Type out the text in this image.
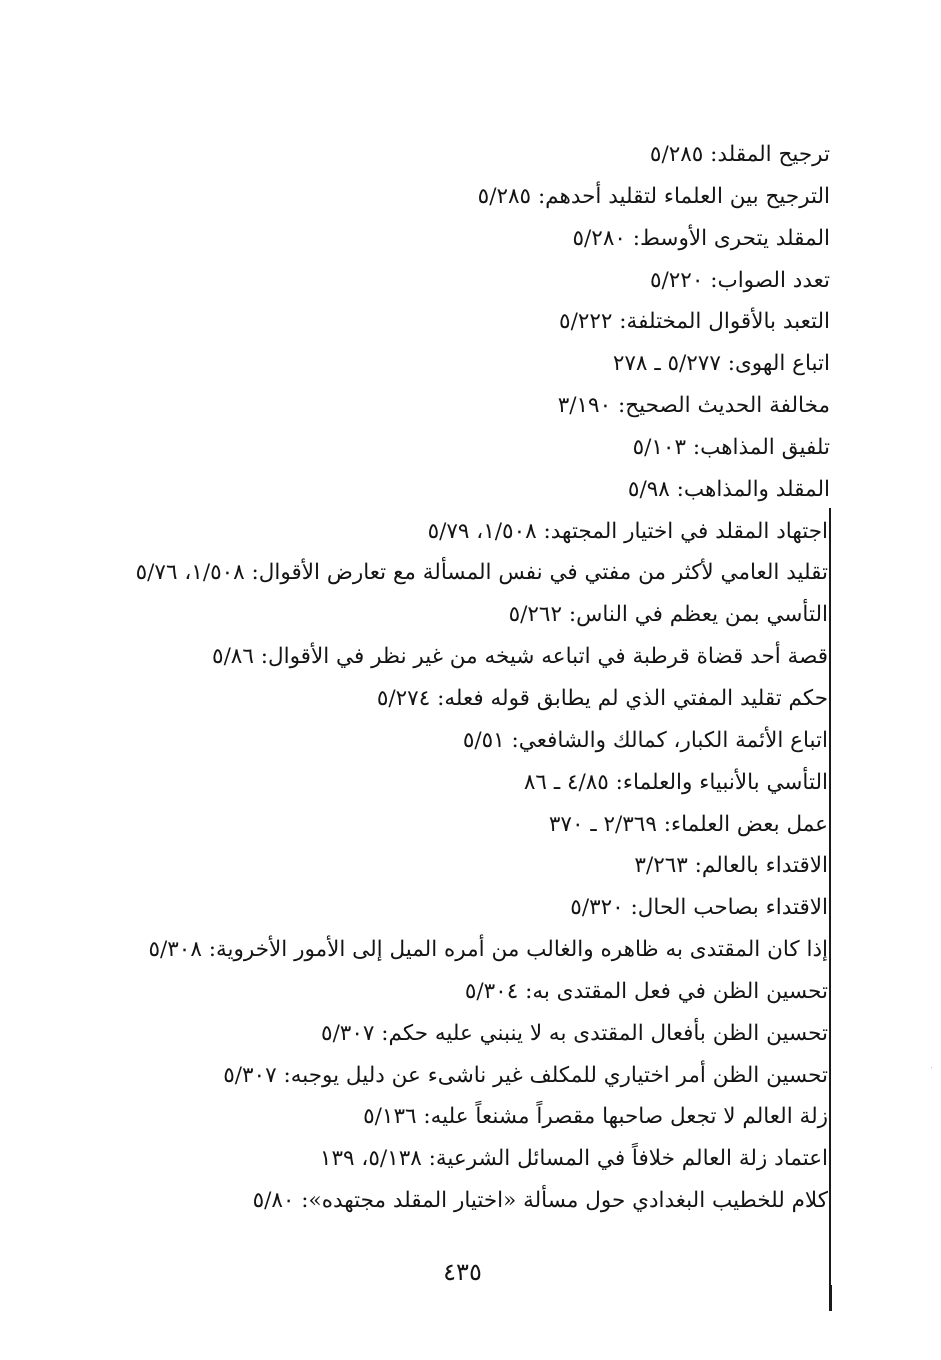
ترجيح المقلد: ٥/٢٨٥
الترجيح بين العلماء لتقليد أحدهم: ٥/٢٨٥
المقلد يتحرى الأوسط: ٥/٢٨٠
تعدد الصواب: ٥/٢٢٠
التعبد بالأقوال المختلفة: ٥/٢٢٢
اتباع الهوى: ٥/٢٧٧ ـ ٢٧٨
مخالفة الحديث الصحيح: ٣/١٩٠
تلفيق المذاهب: ٥/١٠٣
المقلد والمذاهب: ٥/٩٨
اجتهاد المقلد في اختيار المجتهد: ١/٥٠٨، ٥/٧٩
تقليد العامي لأكثر من مفتي في نفس المسألة مع تعارض الأقوال: ١/٥٠٨، ٥/٧٦
التأسي بمن يعظم في الناس: ٥/٢٦٢
قصة أحد قضاة قرطبة في اتباعه شيخه من غير نظر في الأقوال: ٥/٨٦
حكم تقليد المفتي الذي لم يطابق قوله فعله: ٥/٢٧٤
اتباع الأئمة الكبار، كمالك والشافعي: ٥/٥١
التأسي بالأنبياء والعلماء: ٤/٨٥ ـ ٨٦
عمل بعض العلماء: ٢/٣٦٩ ـ ٣٧٠
الاقتداء بالعالم: ٣/٢٦٣
الاقتداء بصاحب الحال: ٥/٣٢٠
إذا كان المقتدى به ظاهره والغالب من أمره الميل إلى الأمور الأخروية: ٥/٣٠٨
تحسين الظن في فعل المقتدى به: ٥/٣٠٤
تحسين الظن بأفعال المقتدى به لا ينبني عليه حكم: ٥/٣٠٧
تحسين الظن أمر اختياري للمكلف غير ناشىء عن دليل يوجبه: ٥/٣٠٧
زلة العالم لا تجعل صاحبها مقصراً مشنعاً عليه: ٥/١٣٦
اعتماد زلة العالم خلافاً في المسائل الشرعية: ٥/١٣٨، ١٣٩
كلام للخطيب البغدادي حول مسألة «اختيار المقلد مجتهده»: ٥/٨٠
٤٣٥
